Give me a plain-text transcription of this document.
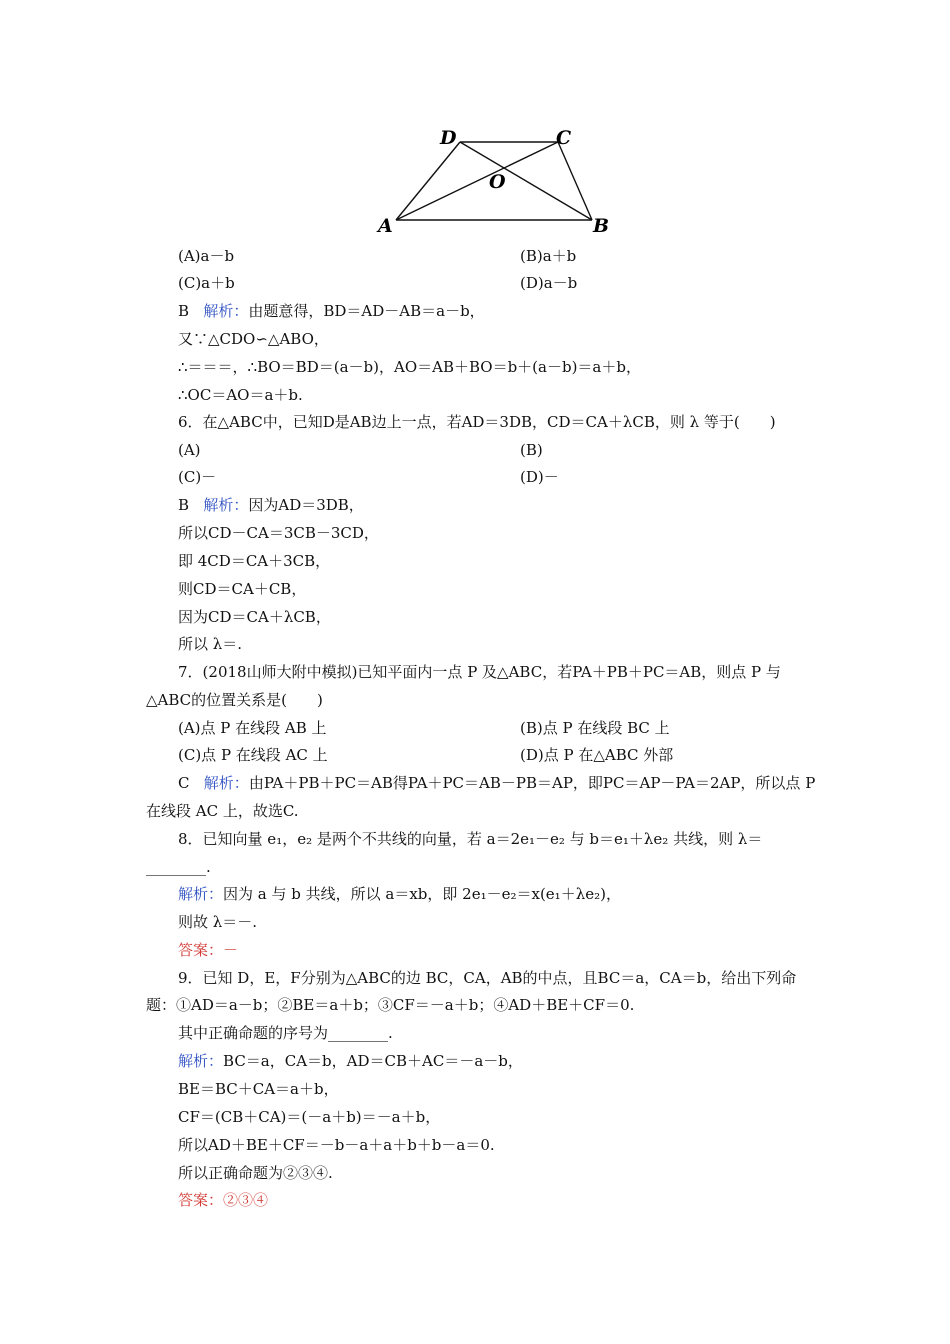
D	C
O
A	B
(A)a－b	(B)a＋b
(C)a＋b	(D)a－b
B 解析：由题意得，BD＝AD－AB＝a－b，
又∵△CDO∽△ABO，
∴＝＝＝，∴BO＝BD＝(a－b)，AO＝AB＋BO＝b＋(a－b)＝a＋b，
∴OC＝AO＝a＋b.
6．在△ABC中，已知D是AB边上一点，若AD＝3DB，CD＝CA＋λCB，则 λ 等于(　　)
(A)	(B)
(C)－	(D)－
B 解析：因为AD＝3DB，
所以CD－CA＝3CB－3CD，
即 4CD＝CA＋3CB，
则CD＝CA＋CB，
因为CD＝CA＋λCB，
所以 λ＝.
7．(2018山师大附中模拟)已知平面内一点 P 及△ABC，若PA＋PB＋PC＝AB，则点 P 与
△ABC的位置关系是(　　)
(A)点 P 在线段 AB 上	(B)点 P 在线段 BC 上
(C)点 P 在线段 AC 上	(D)点 P 在△ABC 外部
C 解析：由PA＋PB＋PC＝AB得PA＋PC＝AB－PB＝AP，即PC＝AP－PA＝2AP，所以点 P
在线段 AC 上，故选C.
8．已知向量 e₁，e₂ 是两个不共线的向量，若 a＝2e₁－e₂ 与 b＝e₁＋λe₂ 共线，则 λ＝
________.
解析：因为 a 与 b 共线，所以 a＝xb，即 2e₁－e₂＝x(e₁＋λe₂)，
则故 λ＝－.
答案：－
9．已知 D，E，F分别为△ABC的边 BC，CA，AB的中点，且BC＝a，CA＝b，给出下列命
题：①AD＝a－b；②BE＝a＋b；③CF＝－a＋b；④AD＋BE＋CF＝0.
其中正确命题的序号为________.
解析：BC＝a，CA＝b，AD＝CB＋AC＝－a－b，
BE＝BC＋CA＝a＋b，
CF＝(CB＋CA)＝(－a＋b)＝－a＋b，
所以AD＋BE＋CF＝－b－a＋a＋b＋b－a＝0.
所以正确命题为②③④.
答案：②③④
